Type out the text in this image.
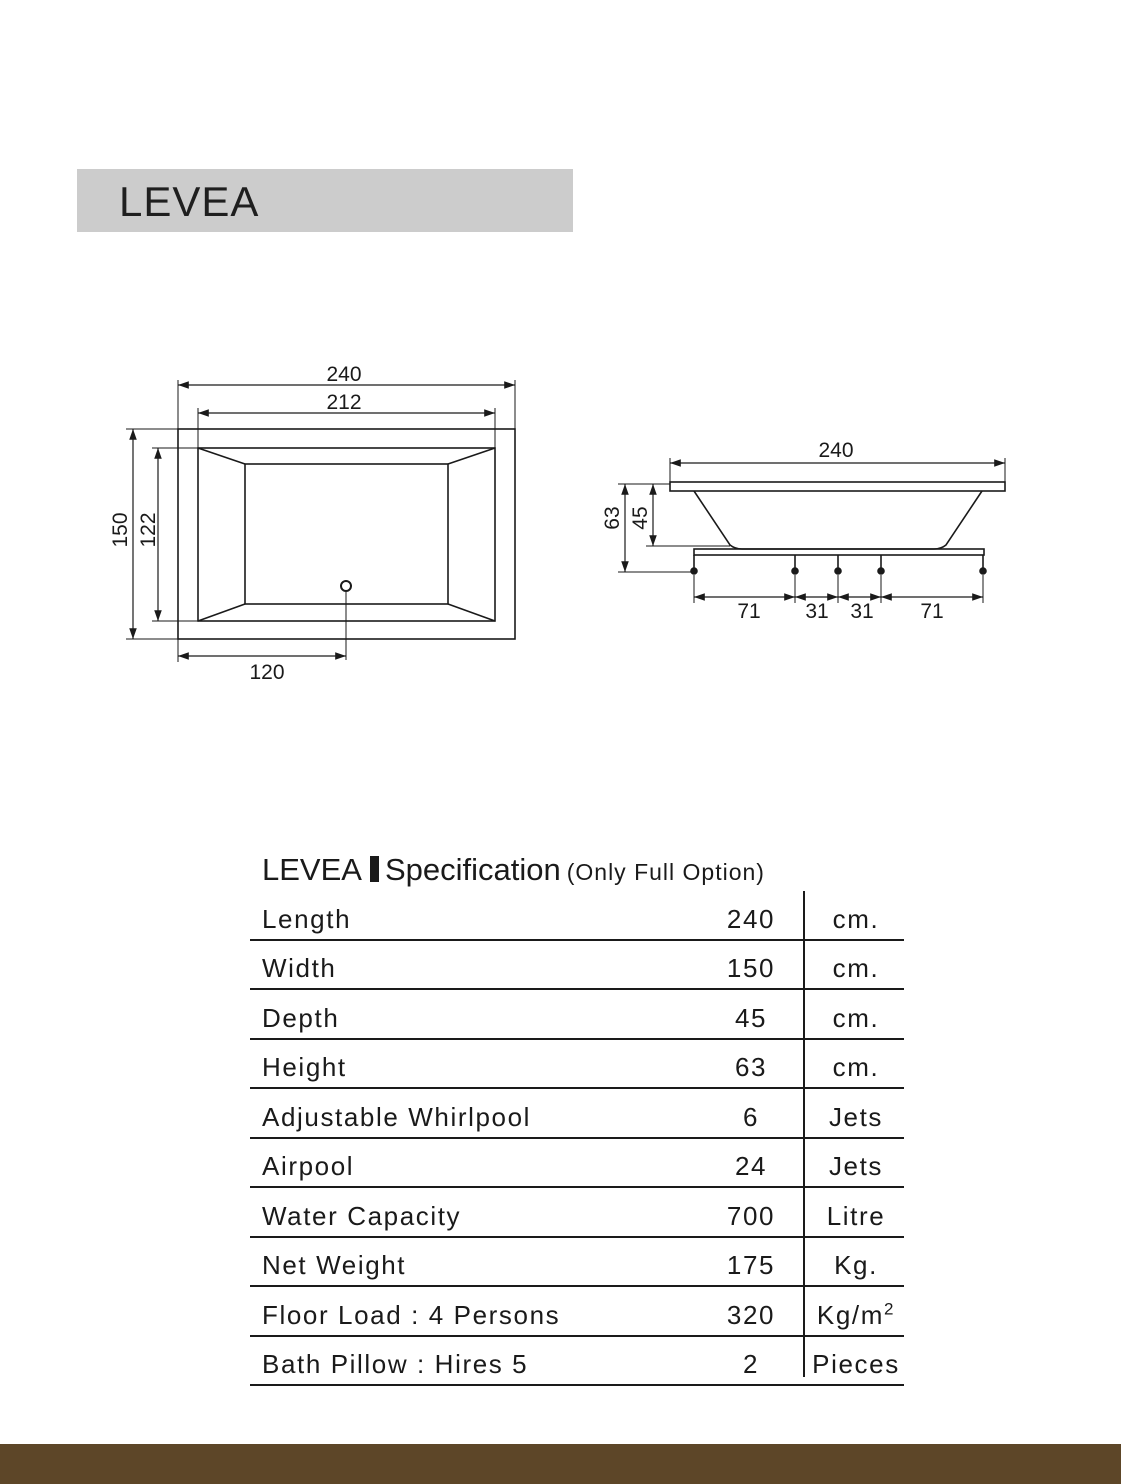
LEVEA
240
212
150 122
120
240
63 45
71 31 31 71
LEVEA Specification (Only Full Option)
Length	240	cm.
Width	150	cm.
Depth	45	cm.
Height	63	cm.
Adjustable Whirlpool	6	Jets
Airpool	24	Jets
Water Capacity	700	Litre
Net Weight	175	Kg.
Floor Load : 4 Persons	320	$Kg/m^2$
Bath Pillow : Hires 5	2	Pieces
